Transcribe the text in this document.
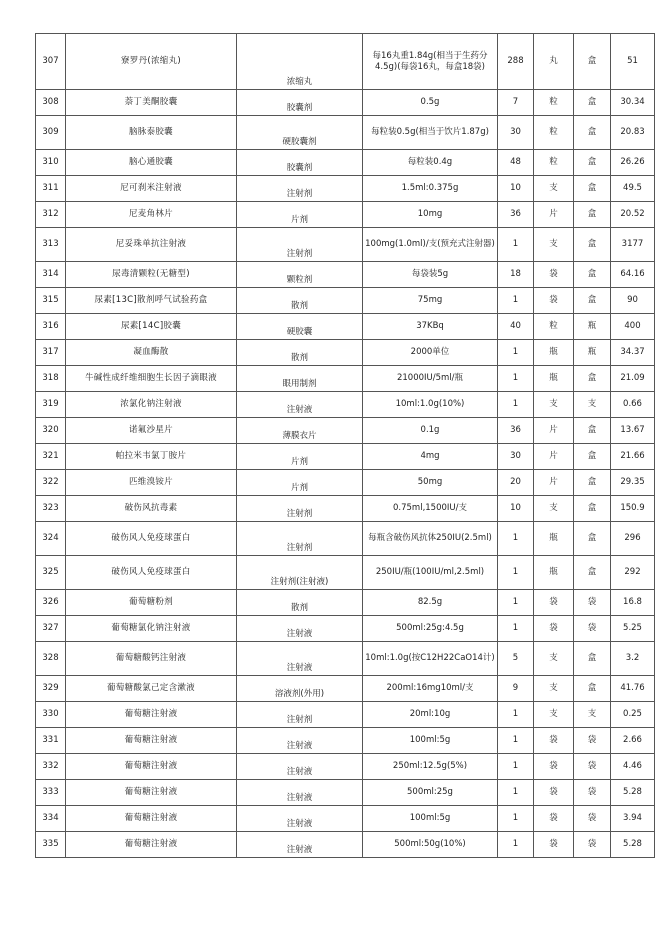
307	寮罗丹(浓缩丸)	浓缩丸	每16丸重1.84g(相当于生药分4.5g)(每袋16丸，每盒18袋)	288	丸	盒	51
308	萘丁美酮胶囊	胶囊剂	0.5g	7	粒	盒	30.34
309	脑脉泰胶囊	硬胶囊剂	每粒装0.5g(相当于饮片1.87g)	30	粒	盒	20.83
310	脑心通胶囊	胶囊剂	每粒装0.4g	48	粒	盒	26.26
311	尼可刹米注射液	注射剂	1.5ml:0.375g	10	支	盒	49.5
312	尼麦角林片	片剂	10mg	36	片	盒	20.52
313	尼妥珠单抗注射液	注射剂	100mg(1.0ml)/支(预充式注射器)	1	支	盒	3177
314	尿毒清颗粒(无糖型)	颗粒剂	每袋装5g	18	袋	盒	64.16
315	尿素[13C]散剂呼气试验药盒	散剂	75mg	1	袋	盒	90
316	尿素[14C]胶囊	硬胶囊	37KBq	40	粒	瓶	400
317	凝血酶散	散剂	2000单位	1	瓶	瓶	34.37
318	牛碱性成纤维细胞生长因子滴眼液	眼用制剂	21000IU/5ml/瓶	1	瓶	盒	21.09
319	浓氯化钠注射液	注射液	10ml:1.0g(10%)	1	支	支	0.66
320	诺氟沙星片	薄膜衣片	0.1g	36	片	盒	13.67
321	帕拉米韦氯丁胺片	片剂	4mg	30	片	盒	21.66
322	匹维溴铵片	片剂	50mg	20	片	盒	29.35
323	破伤风抗毒素	注射剂	0.75ml,1500IU/支	10	支	盒	150.9
324	破伤风人免疫球蛋白	注射剂	每瓶含破伤风抗体250IU(2.5ml)	1	瓶	盒	296
325	破伤风人免疫球蛋白	注射剂(注射液)	250IU/瓶(100IU/ml,2.5ml)	1	瓶	盒	292
326	葡萄糖粉剂	散剂	82.5g	1	袋	袋	16.8
327	葡萄糖氯化钠注射液	注射液	500ml:25g:4.5g	1	袋	袋	5.25
328	葡萄糖酸钙注射液	注射液	10ml:1.0g(按C12H22CaO14计)	5	支	盒	3.2
329	葡萄糖酸氯己定含漱液	溶液剂(外用)	200ml:16mg10ml/支	9	支	盒	41.76
330	葡萄糖注射液	注射剂	20ml:10g	1	支	支	0.25
331	葡萄糖注射液	注射液	100ml:5g	1	袋	袋	2.66
332	葡萄糖注射液	注射液	250ml:12.5g(5%)	1	袋	袋	4.46
333	葡萄糖注射液	注射液	500ml:25g	1	袋	袋	5.28
334	葡萄糖注射液	注射液	100ml:5g	1	袋	袋	3.94
335	葡萄糖注射液	注射液	500ml:50g(10%)	1	袋	袋	5.28
